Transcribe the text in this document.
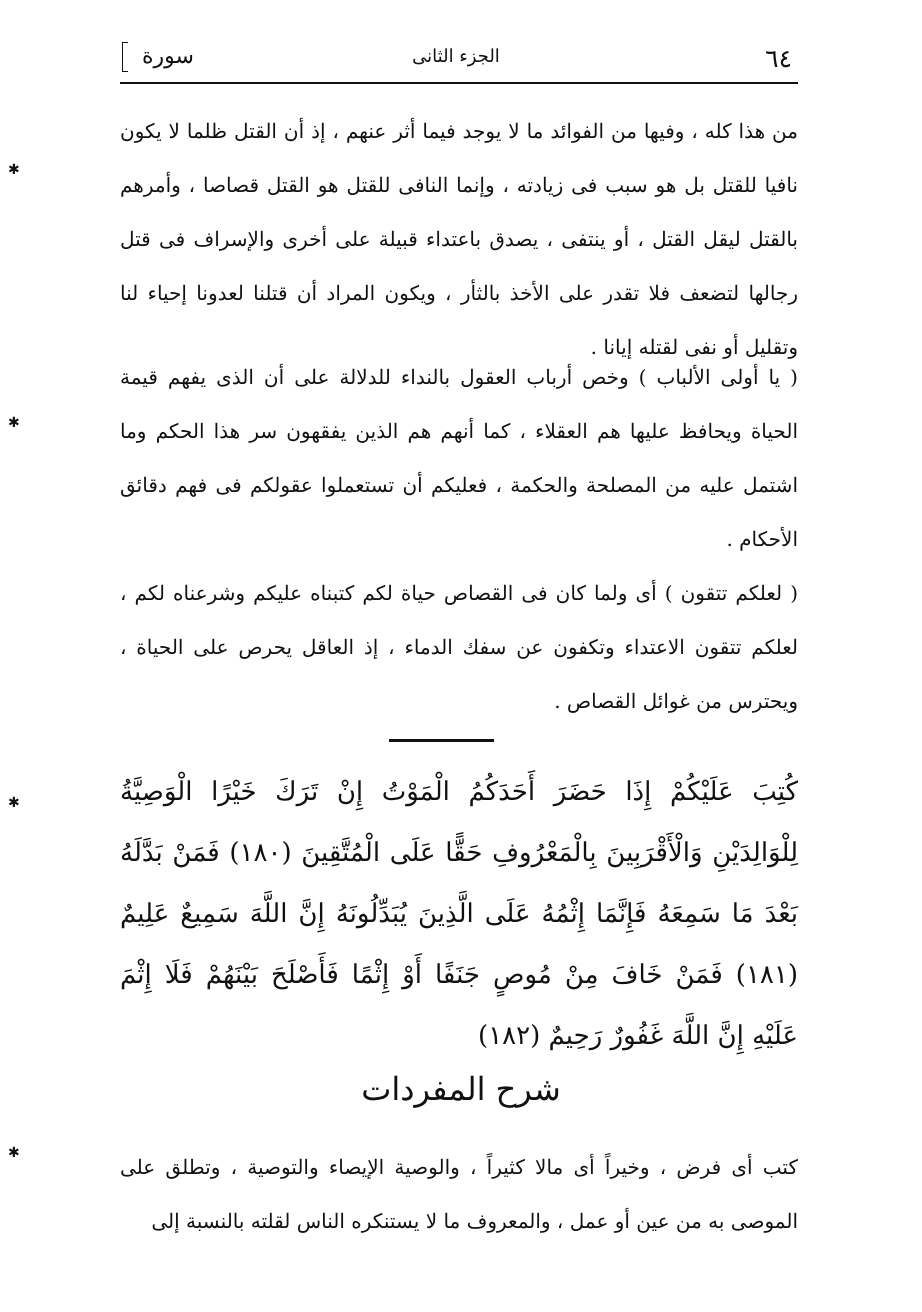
٦٤
الجزء الثانى
سورة

من هذا كله ، وفيها من الفوائد ما لا يوجد فيما أثر عنهم ، إذ أن القتل ظلما لا يكون نافيا للقتل بل هو سبب فى زيادته ، وإنما النافى للقتل هو القتل قصاصا ، وأمرهم بالقتل ليقل القتل ، أو ينتفى ، يصدق باعتداء قبيلة على أخرى والإسراف فى قتل رجالها لتضعف فلا تقدر على الأخذ بالثأر ، ويكون المراد أن قتلنا لعدونا إحياء لنا وتقليل أو نفى لقتله إيانا .

( يا أولى الألباب ) وخص أرباب العقول بالنداء للدلالة على أن الذى يفهم قيمة الحياة ويحافظ عليها هم العقلاء ، كما أنهم هم الذين يفقهون سر هذا الحكم وما اشتمل عليه من المصلحة والحكمة ، فعليكم أن تستعملوا عقولكم فى فهم دقائق الأحكام .

( لعلكم تتقون ) أى ولما كان فى القصاص حياة لكم كتبناه عليكم وشرعناه لكم ، لعلكم تتقون الاعتداء وتكفون عن سفك الدماء ، إذ العاقل يحرص على الحياة ، ويحترس من غوائل القصاص .

كُتِبَ عَلَيْكُمْ إِذَا حَضَرَ أَحَدَكُمُ الْمَوْتُ إِنْ تَرَكَ خَيْرًا الْوَصِيَّةُ لِلْوَالِدَيْنِ وَالْأَقْرَبِينَ بِالْمَعْرُوفِ حَقًّا عَلَى الْمُتَّقِينَ (١٨٠) فَمَنْ بَدَّلَهُ بَعْدَ مَا سَمِعَهُ فَإِنَّمَا إِثْمُهُ عَلَى الَّذِينَ يُبَدِّلُونَهُ إِنَّ اللَّهَ سَمِيعٌ عَلِيمٌ (١٨١) فَمَنْ خَافَ مِنْ مُوصٍ جَنَفًا أَوْ إِثْمًا فَأَصْلَحَ بَيْنَهُمْ فَلَا إِثْمَ عَلَيْهِ إِنَّ اللَّهَ غَفُورٌ رَحِيمٌ (١٨٢)

شرح المفردات

كتب أى فرض ، وخيراً أى مالا كثيراً ، والوصية الإيصاء والتوصية ، وتطلق على الموصى به من عين أو عمل ، والمعروف ما لا يستنكره الناس لقلته بالنسبة إلى

✱
✱
✱
✱
